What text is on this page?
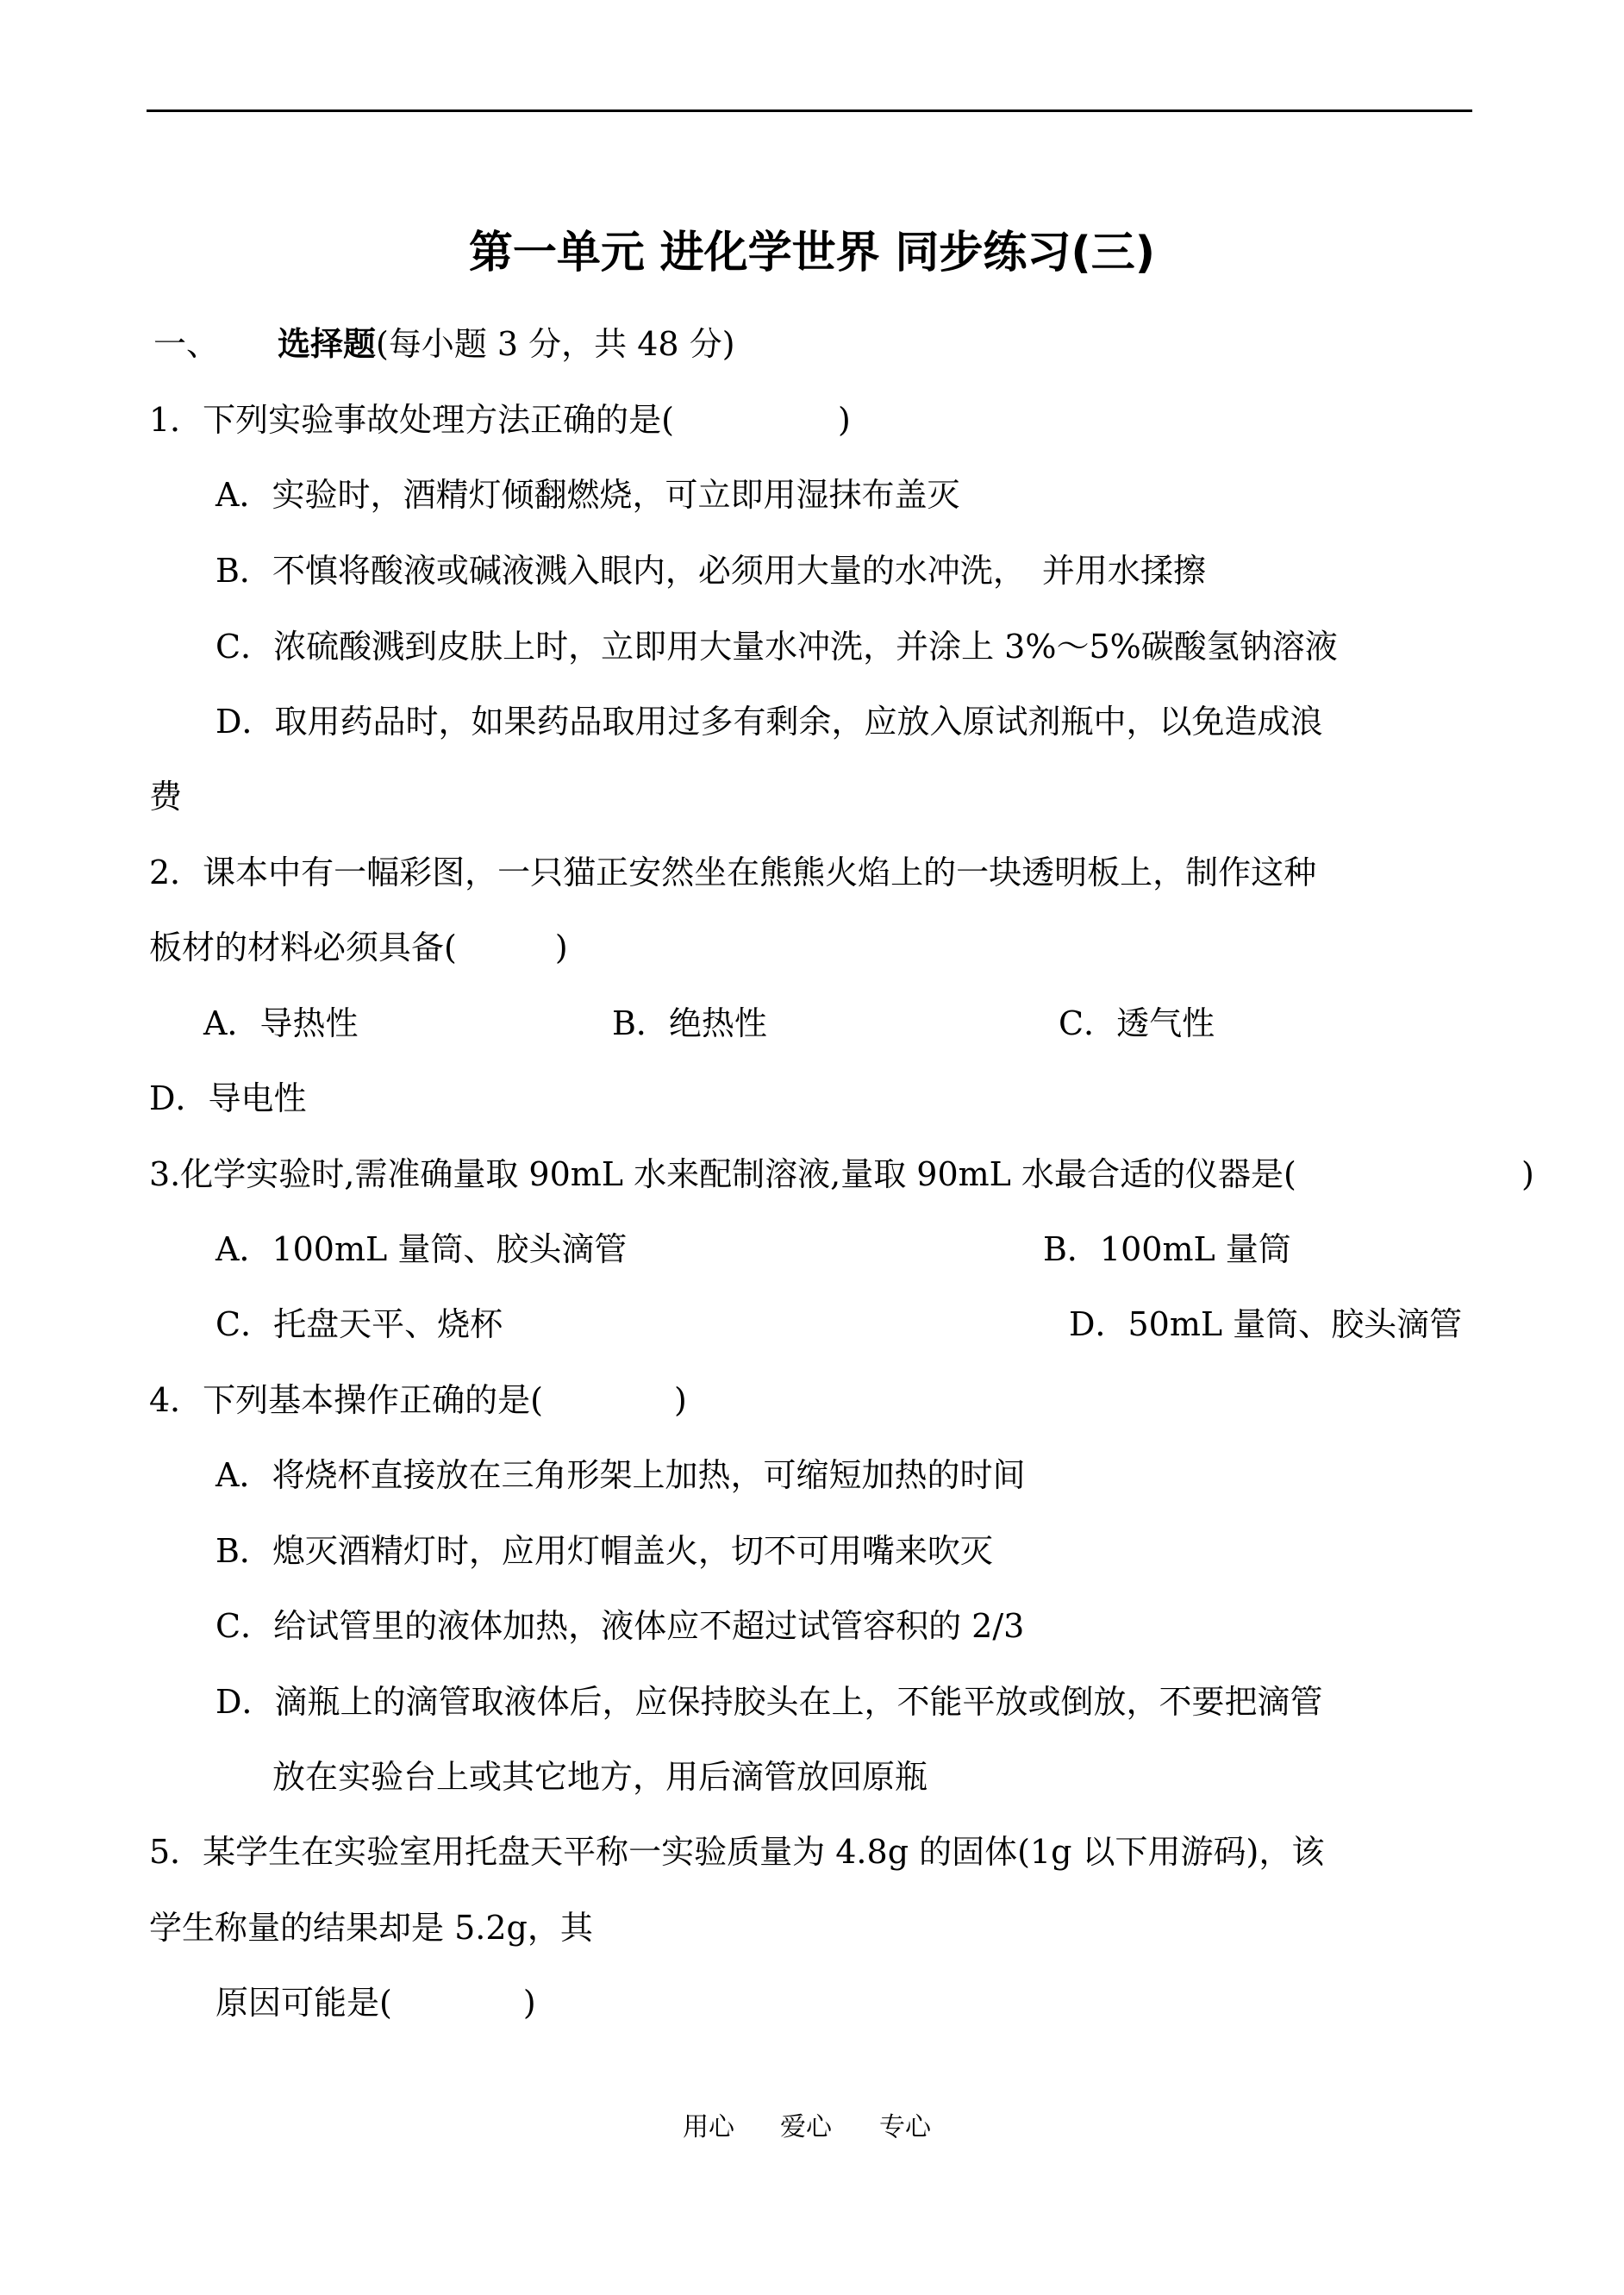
第一单元 进化学世界 同步练习(三)
一、 选择题(每小题 3 分，共 48 分)
1．下列实验事故处理方法正确的是(　　　　　)
A．实验时，酒精灯倾翻燃烧，可立即用湿抹布盖灭
B．不慎将酸液或碱液溅入眼内，必须用大量的水冲洗，　并用水揉擦
C．浓硫酸溅到皮肤上时，立即用大量水冲洗，并涂上 3%～5%碳酸氢钠溶液
D．取用药品时，如果药品取用过多有剩余，应放入原试剂瓶中，以免造成浪
费
2．课本中有一幅彩图，一只猫正安然坐在熊熊火焰上的一块透明板上，制作这种
板材的材料必须具备(　　　)
A．导热性	B．绝热性	C．透气性
D．导电性
3.化学实验时,需准确量取 90mL 水来配制溶液,量取 90mL 水最合适的仪器是(	)
A．100mL 量筒、胶头滴管	B．100mL 量筒
C．托盘天平、烧杯	D．50mL 量筒、胶头滴管
4．下列基本操作正确的是(　　　　)
A．将烧杯直接放在三角形架上加热，可缩短加热的时间
B．熄灭酒精灯时，应用灯帽盖火，切不可用嘴来吹灭
C．给试管里的液体加热，液体应不超过试管容积的 2/3
D．滴瓶上的滴管取液体后，应保持胶头在上，不能平放或倒放，不要把滴管
放在实验台上或其它地方，用后滴管放回原瓶
5．某学生在实验室用托盘天平称一实验质量为 4.8g 的固体(1g 以下用游码)，该
学生称量的结果却是 5.2g，其
原因可能是(　　　　)
用心 爱心 专心
